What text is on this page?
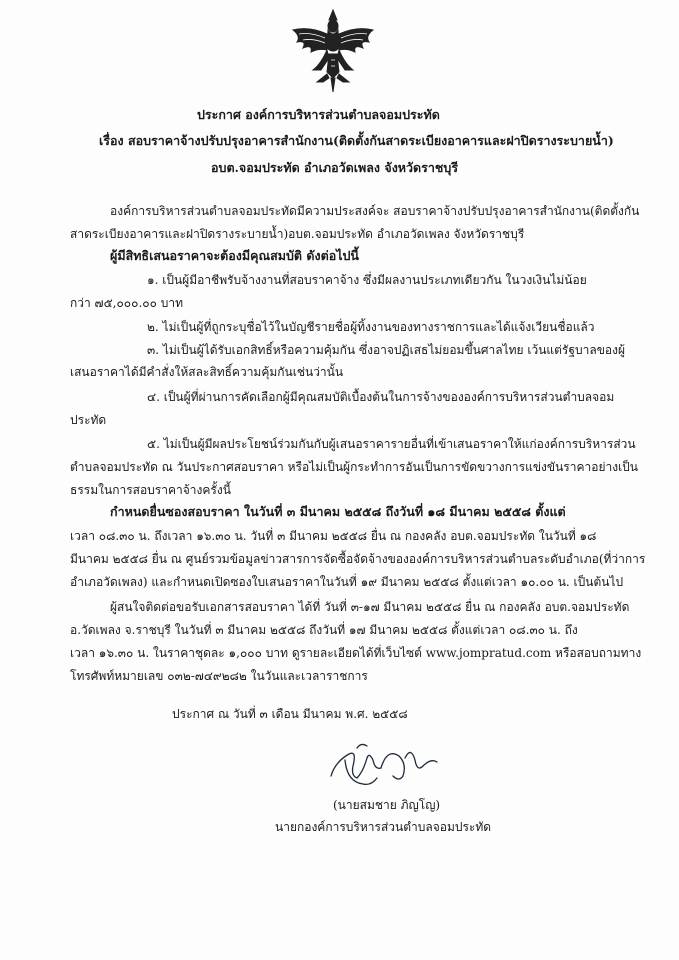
ประกาศ องค์การบริหารส่วนตำบลจอมประทัด
เรื่อง สอบราคาจ้างปรับปรุงอาคารสำนักงาน(ติดตั้งกันสาดระเบียงอาคารและฝาปิดรางระบายน้ำ)
อบต.จอมประทัด อำเภอวัดเพลง จังหวัดราชบุรี
องค์การบริหารส่วนตำบลจอมประทัดมีความประสงค์จะ สอบราคาจ้างปรับปรุงอาคารสำนักงาน(ติดตั้งกัน
สาดระเบียงอาคารและฝาปิดรางระบายน้ำ)อบต.จอมประทัด อำเภอวัดเพลง จังหวัดราชบุรี
ผู้มีสิทธิเสนอราคาจะต้องมีคุณสมบัติ ดังต่อไปนี้
๑. เป็นผู้มีอาชีพรับจ้างงานที่สอบราคาจ้าง ซึ่งมีผลงานประเภทเดียวกัน ในวงเงินไม่น้อย
กว่า ๗๕,๐๐๐.๐๐ บาท
๒. ไม่เป็นผู้ที่ถูกระบุชื่อไว้ในบัญชีรายชื่อผู้ทิ้งงานของทางราชการและได้แจ้งเวียนชื่อแล้ว
๓. ไม่เป็นผู้ได้รับเอกสิทธิ์หรือความคุ้มกัน ซึ่งอาจปฏิเสธไม่ยอมขึ้นศาลไทย เว้นแต่รัฐบาลของผู้
เสนอราคาได้มีคำสั่งให้สละสิทธิ์ความคุ้มกันเช่นว่านั้น
๔. เป็นผู้ที่ผ่านการคัดเลือกผู้มีคุณสมบัติเบื้องต้นในการจ้างขององค์การบริหารส่วนตำบลจอม
ประทัด
๕. ไม่เป็นผู้มีผลประโยชน์ร่วมกันกับผู้เสนอราคารายอื่นที่เข้าเสนอราคาให้แก่องค์การบริหารส่วน
ตำบลจอมประทัด ณ วันประกาศสอบราคา หรือไม่เป็นผู้กระทำการอันเป็นการขัดขวางการแข่งขันราคาอย่างเป็น
ธรรมในการสอบราคาจ้างครั้งนี้
กำหนดยื่นซองสอบราคา ในวันที่ ๓ มีนาคม ๒๕๕๘ ถึงวันที่ ๑๘ มีนาคม ๒๕๕๘ ตั้งแต่
เวลา ๐๘.๓๐ น. ถึงเวลา ๑๖.๓๐ น. วันที่ ๓ มีนาคม ๒๕๕๘ ยื่น ณ กองคลัง อบต.จอมประทัด ในวันที่ ๑๘
มีนาคม ๒๕๕๘ ยื่น ณ ศูนย์รวมข้อมูลข่าวสารการจัดซื้อจัดจ้างขององค์การบริหารส่วนตำบลระดับอำเภอ(ที่ว่าการ
อำเภอวัดเพลง) และกำหนดเปิดซองใบเสนอราคาในวันที่ ๑๙ มีนาคม ๒๕๕๘ ตั้งแต่เวลา ๑๐.๐๐ น. เป็นต้นไป
ผู้สนใจติดต่อขอรับเอกสารสอบราคา ได้ที่ วันที่ ๓-๑๗ มีนาคม ๒๕๕๘ ยื่น ณ กองคลัง อบต.จอมประทัด
อ.วัดเพลง จ.ราชบุรี ในวันที่ ๓ มีนาคม ๒๕๕๘ ถึงวันที่ ๑๗ มีนาคม ๒๕๕๘ ตั้งแต่เวลา ๐๘.๓๐ น. ถึง
เวลา ๑๖.๓๐ น. ในราคาชุดละ ๑,๐๐๐ บาท ดูรายละเอียดได้ที่เว็บไซต์ www.jompratud.com หรือสอบถามทาง
โทรศัพท์หมายเลข ๐๓๒-๗๔๙๒๘๒ ในวันและเวลาราชการ
ประกาศ ณ วันที่ ๓ เดือน มีนาคม พ.ศ. ๒๕๕๘
(นายสมชาย ภิญโญ)
นายกองค์การบริหารส่วนตำบลจอมประทัด
